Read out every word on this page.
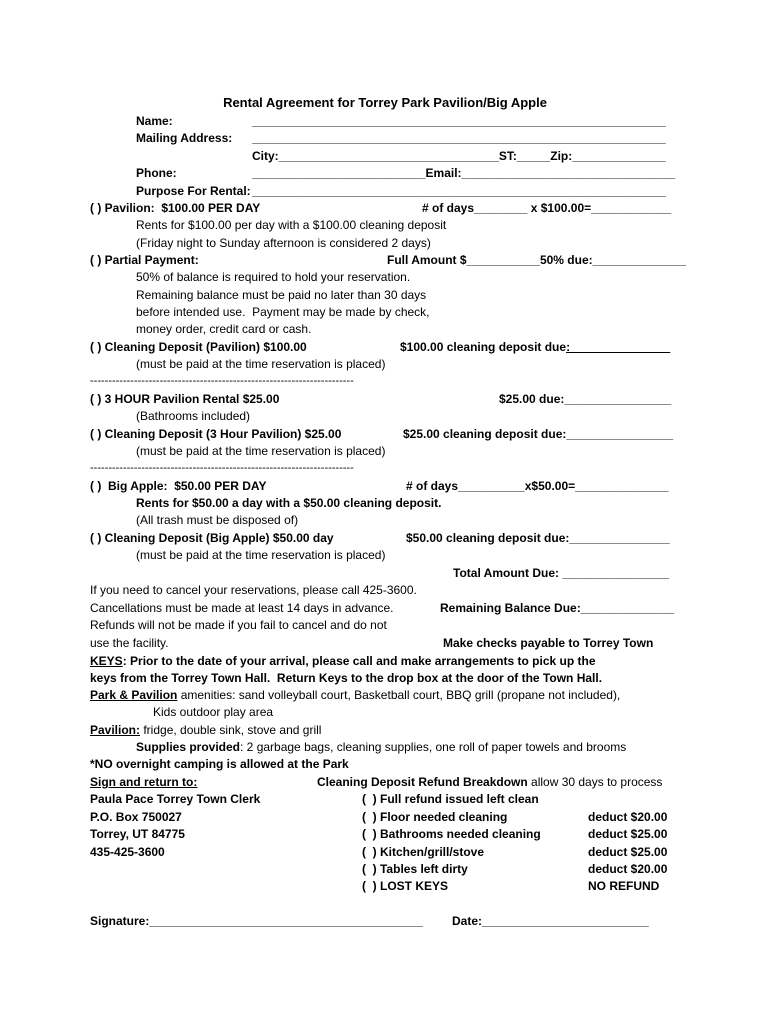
Rental Agreement for Torrey Park Pavilion/Big Apple
Name:	______________________________________________________________
Mailing Address: ______________________________________________________________
City:_________________________________ST:_____Zip:______________
Phone:	__________________________Email:________________________________
Purpose For Rental: ______________________________________________________________
( ) Pavilion:  $100.00 PER DAY	# of days________ x $100.00=____________
Rents for $100.00 per day with a $100.00 cleaning deposit
(Friday night to Sunday afternoon is considered 2 days)
( ) Partial Payment:	Full Amount $___________50% due:______________
50% of balance is required to hold your reservation.
Remaining balance must be paid no later than 30 days
before intended use.  Payment may be made by check,
money order, credit card or cash.
( ) Cleaning Deposit (Pavilion) $100.00	$100.00 cleaning deposit due:_______________
(must be paid at the time reservation is placed)
------------------------------------------------------------------------
( ) 3 HOUR Pavilion Rental $25.00	$25.00 due:________________
(Bathrooms included)
( ) Cleaning Deposit (3 Hour Pavilion) $25.00	$25.00 cleaning deposit due:________________
(must be paid at the time reservation is placed)
------------------------------------------------------------------------
( )  Big Apple:  $50.00 PER DAY	# of days__________x$50.00=______________
Rents for $50.00 a day with a $50.00 cleaning deposit.
(All trash must be disposed of)
( ) Cleaning Deposit (Big Apple) $50.00 day	$50.00 cleaning deposit due:_______________
(must be paid at the time reservation is placed)
Total Amount Due: ________________
If you need to cancel your reservations, please call 425-3600.
Cancellations must be made at least 14 days in advance.	Remaining Balance Due:______________
Refunds will not be made if you fail to cancel and do not
use the facility.	Make checks payable to Torrey Town
KEYS: Prior to the date of your arrival, please call and make arrangements to pick up the
keys from the Torrey Town Hall.  Return Keys to the drop box at the door of the Town Hall.
Park & Pavilion amenities: sand volleyball court, Basketball court, BBQ grill (propane not included),
Kids outdoor play area
Pavilion: fridge, double sink, stove and grill
Supplies provided: 2 garbage bags, cleaning supplies, one roll of paper towels and brooms
*NO overnight camping is allowed at the Park
Sign and return to:
Paula Pace Torrey Town Clerk
P.O. Box 750027
Torrey, UT 84775
435-425-3600
Cleaning Deposit Refund Breakdown allow 30 days to process
(  ) Full refund issued left clean
(  ) Floor needed cleaning	deduct $20.00
(  ) Bathrooms needed cleaning	deduct $25.00
(  ) Kitchen/grill/stove	deduct $25.00
(  ) Tables left dirty	deduct $20.00
(  ) LOST KEYS	NO REFUND
Signature:_________________________________________ Date:_________________________
